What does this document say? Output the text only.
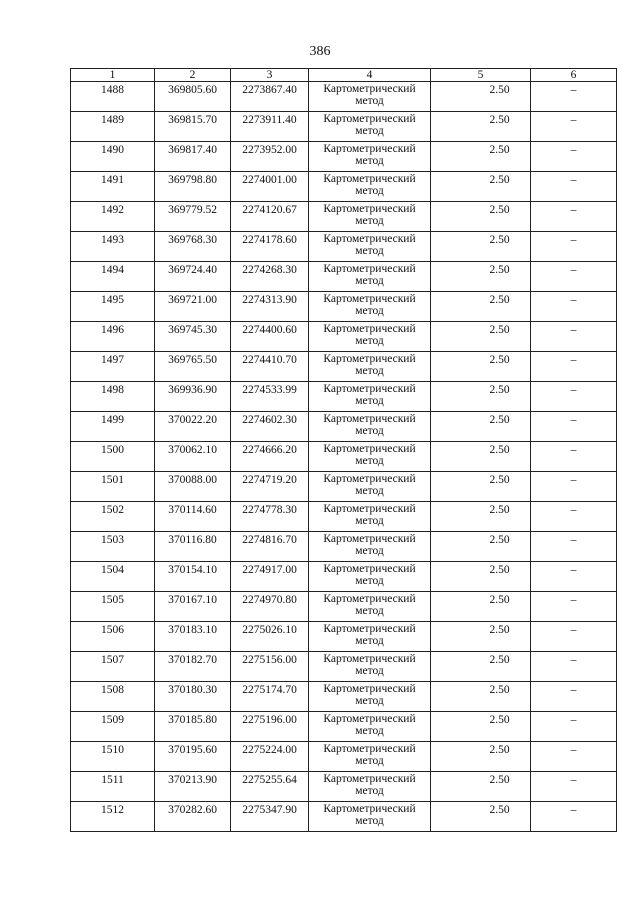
386
1	2	3	4	5	6
1488	369805.60	2273867.40	Картометрический метод	2.50	–
1489	369815.70	2273911.40	Картометрический метод	2.50	–
1490	369817.40	2273952.00	Картометрический метод	2.50	–
1491	369798.80	2274001.00	Картометрический метод	2.50	–
1492	369779.52	2274120.67	Картометрический метод	2.50	–
1493	369768.30	2274178.60	Картометрический метод	2.50	–
1494	369724.40	2274268.30	Картометрический метод	2.50	–
1495	369721.00	2274313.90	Картометрический метод	2.50	–
1496	369745.30	2274400.60	Картометрический метод	2.50	–
1497	369765.50	2274410.70	Картометрический метод	2.50	–
1498	369936.90	2274533.99	Картометрический метод	2.50	–
1499	370022.20	2274602.30	Картометрический метод	2.50	–
1500	370062.10	2274666.20	Картометрический метод	2.50	–
1501	370088.00	2274719.20	Картометрический метод	2.50	–
1502	370114.60	2274778.30	Картометрический метод	2.50	–
1503	370116.80	2274816.70	Картометрический метод	2.50	–
1504	370154.10	2274917.00	Картометрический метод	2.50	–
1505	370167.10	2274970.80	Картометрический метод	2.50	–
1506	370183.10	2275026.10	Картометрический метод	2.50	–
1507	370182.70	2275156.00	Картометрический метод	2.50	–
1508	370180.30	2275174.70	Картометрический метод	2.50	–
1509	370185.80	2275196.00	Картометрический метод	2.50	–
1510	370195.60	2275224.00	Картометрический метод	2.50	–
1511	370213.90	2275255.64	Картометрический метод	2.50	–
1512	370282.60	2275347.90	Картометрический метод	2.50	–
